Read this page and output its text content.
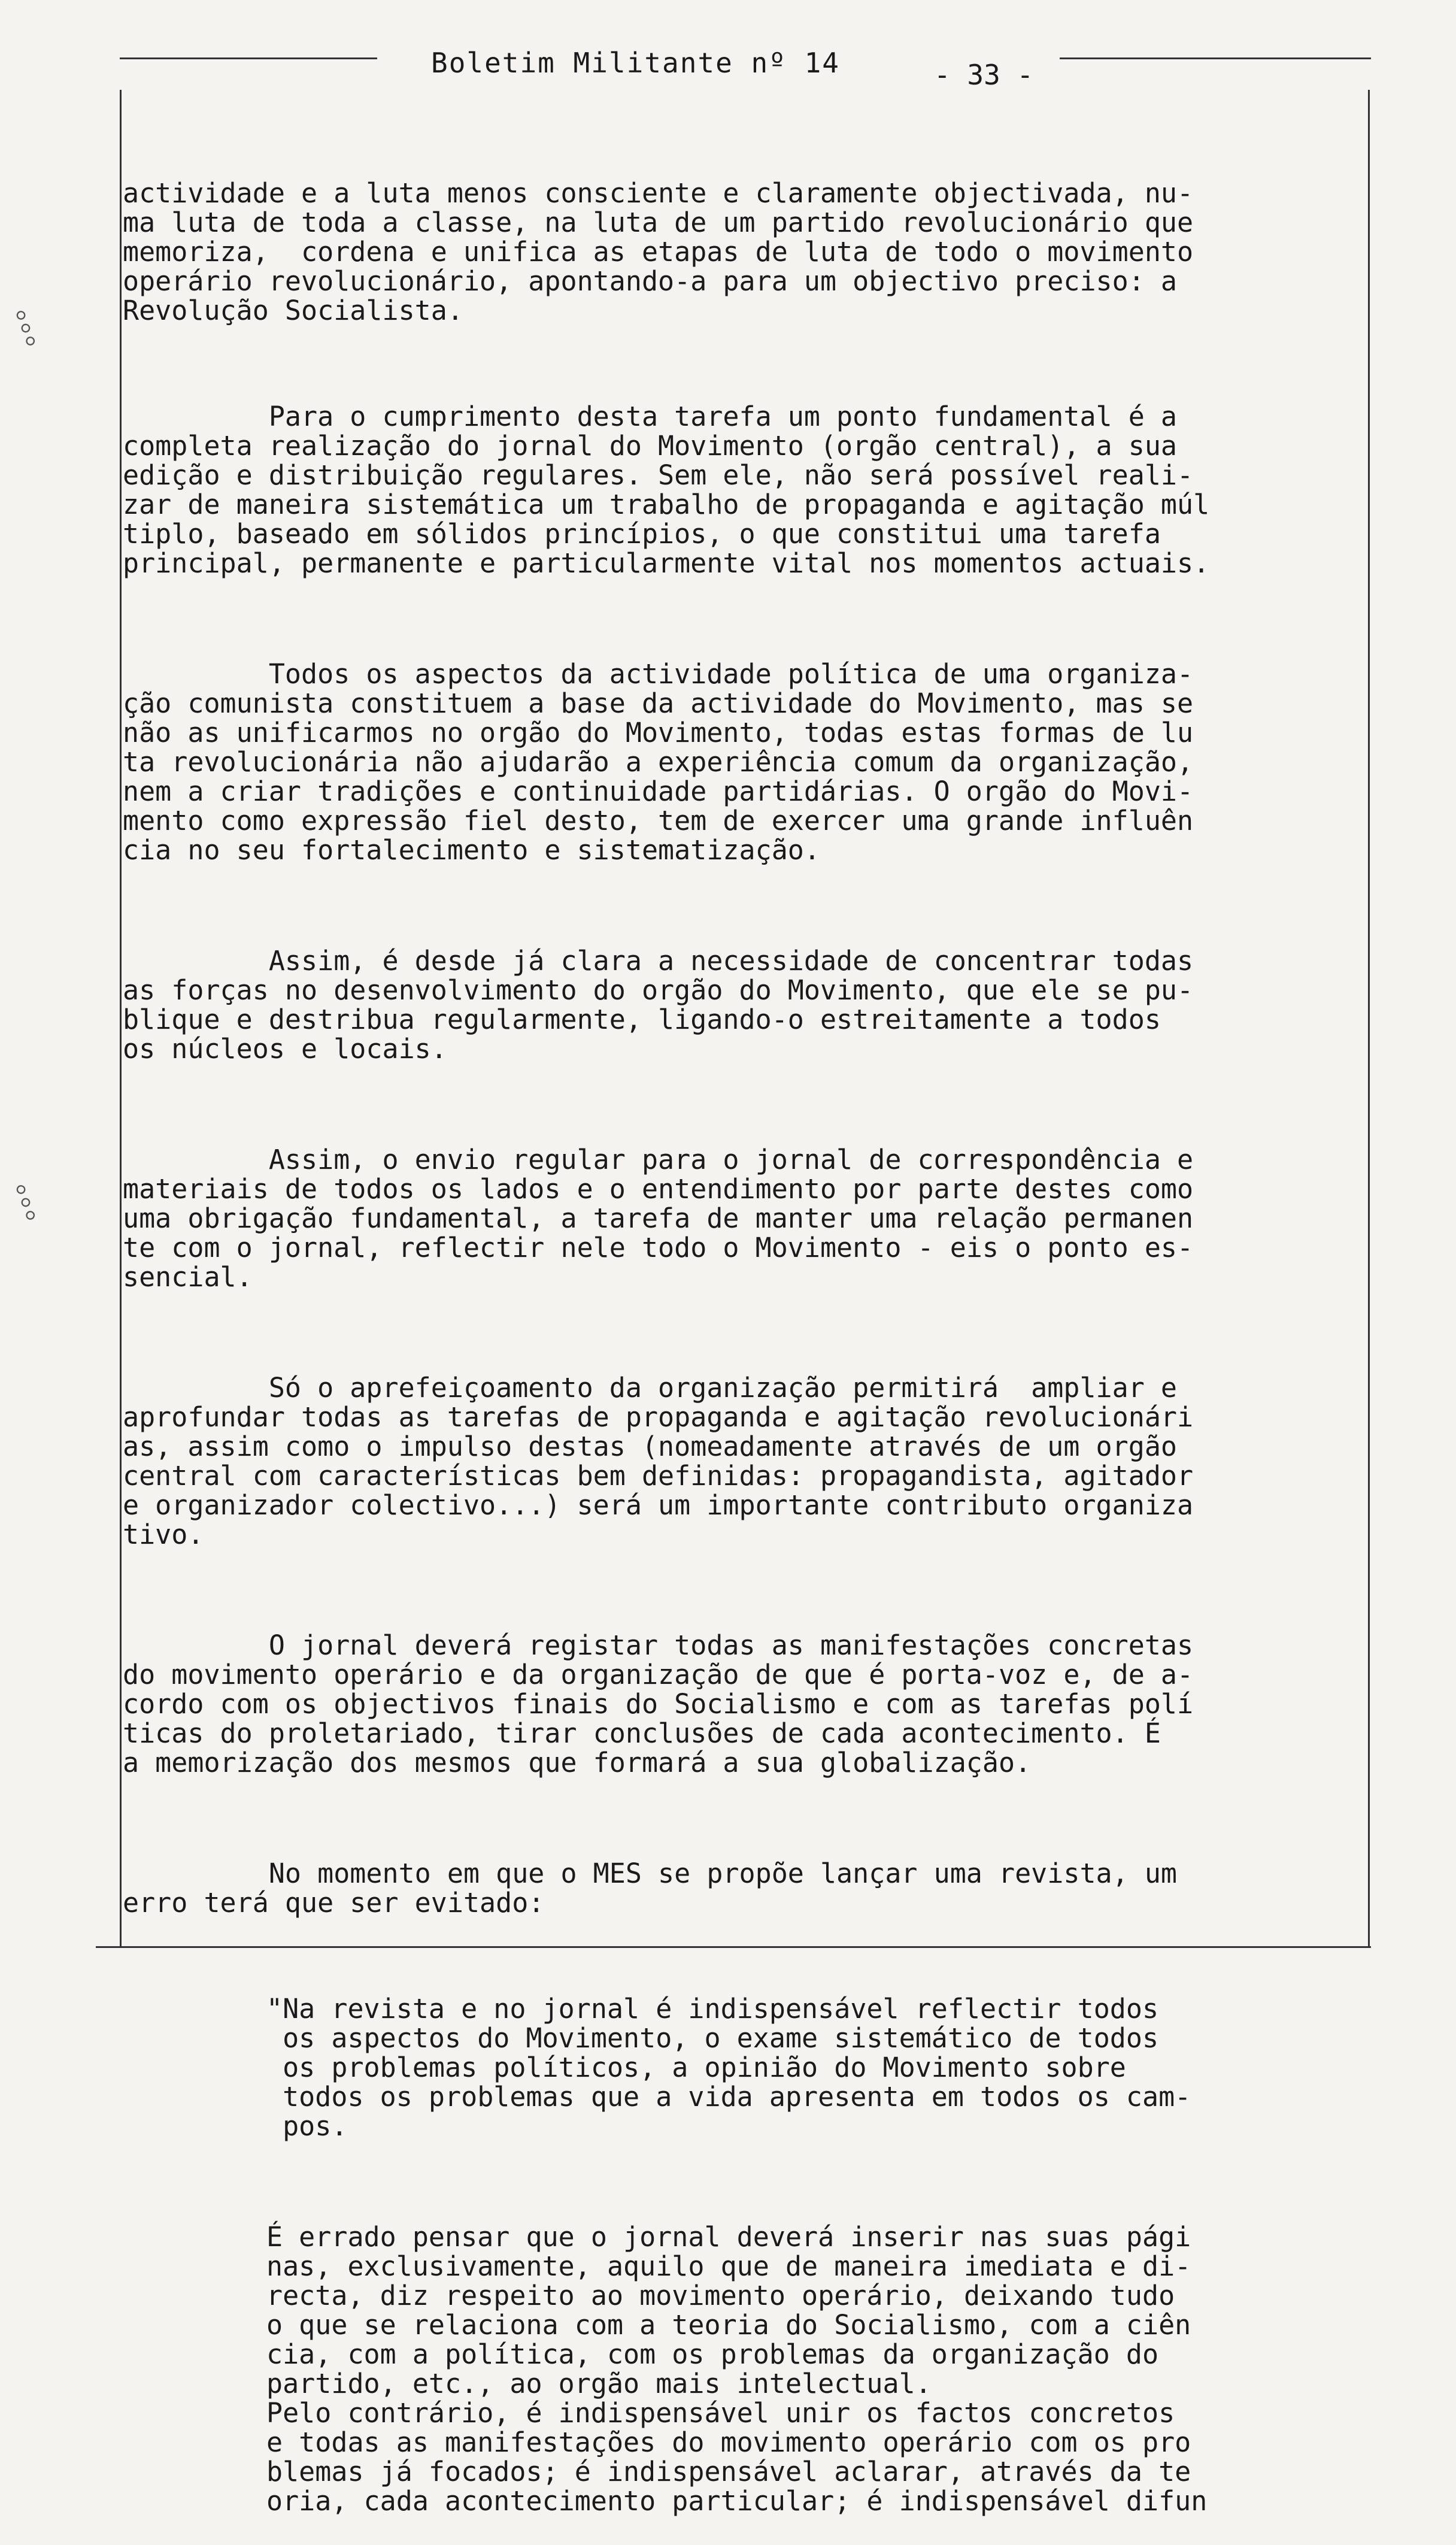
Boletim Militante nº 14	- 33 -
⸰⸰⸰
⸰⸰⸰

actividade e a luta menos consciente e claramente objectivada, nu-
ma luta de toda a classe, na luta de um partido revolucionário que
memoriza,  cordena e unifica as etapas de luta de todo o movimento
operário revolucionário, apontando-a para um objectivo preciso: a
Revolução Socialista.

Para o cumprimento desta tarefa um ponto fundamental é a
completa realização do jornal do Movimento (orgão central), a sua
edição e distribuição regulares. Sem ele, não será possível reali-
zar de maneira sistemática um trabalho de propaganda e agitação múl
tiplo, baseado em sólidos princípios, o que constitui uma tarefa
principal, permanente e particularmente vital nos momentos actuais.

Todos os aspectos da actividade política de uma organiza-
ção comunista constituem a base da actividade do Movimento, mas se
não as unificarmos no orgão do Movimento, todas estas formas de lu
ta revolucionária não ajudarão a experiência comum da organização,
nem a criar tradições e continuidade partidárias. O orgão do Movi-
mento como expressão fiel desto, tem de exercer uma grande influên
cia no seu fortalecimento e sistematização.

Assim, é desde já clara a necessidade de concentrar todas
as forças no desenvolvimento do orgão do Movimento, que ele se pu-
blique e destribua regularmente, ligando-o estreitamente a todos
os núcleos e locais.

Assim, o envio regular para o jornal de correspondência e
materiais de todos os lados e o entendimento por parte destes como
uma obrigação fundamental, a tarefa de manter uma relação permanen
te com o jornal, reflectir nele todo o Movimento - eis o ponto es-
sencial.

Só o aprefeiçoamento da organização permitirá  ampliar e
aprofundar todas as tarefas de propaganda e agitação revolucionári
as, assim como o impulso destas (nomeadamente através de um orgão
central com características bem definidas: propagandista, agitador
e organizador colectivo...) será um importante contributo organiza
tivo.

O jornal deverá registar todas as manifestações concretas
do movimento operário e da organização de que é porta-voz e, de a-
cordo com os objectivos finais do Socialismo e com as tarefas polí
ticas do proletariado, tirar conclusões de cada acontecimento. É
a memorização dos mesmos que formará a sua globalização.

No momento em que o MES se propõe lançar uma revista, um
erro terá que ser evitado:

"Na revista e no jornal é indispensável reflectir todos
os aspectos do Movimento, o exame sistemático de todos
os problemas políticos, a opinião do Movimento sobre
todos os problemas que a vida apresenta em todos os cam-
pos.

É errado pensar que o jornal deverá inserir nas suas pági
nas, exclusivamente, aquilo que de maneira imediata e di-
recta, diz respeito ao movimento operário, deixando tudo
o que se relaciona com a teoria do Socialismo, com a ciên
cia, com a política, com os problemas da organização do
partido, etc., ao orgão mais intelectual.
Pelo contrário, é indispensável unir os factos concretos
e todas as manifestações do movimento operário com os pro
blemas já focados; é indispensável aclarar, através da te
oria, cada acontecimento particular; é indispensável difun
